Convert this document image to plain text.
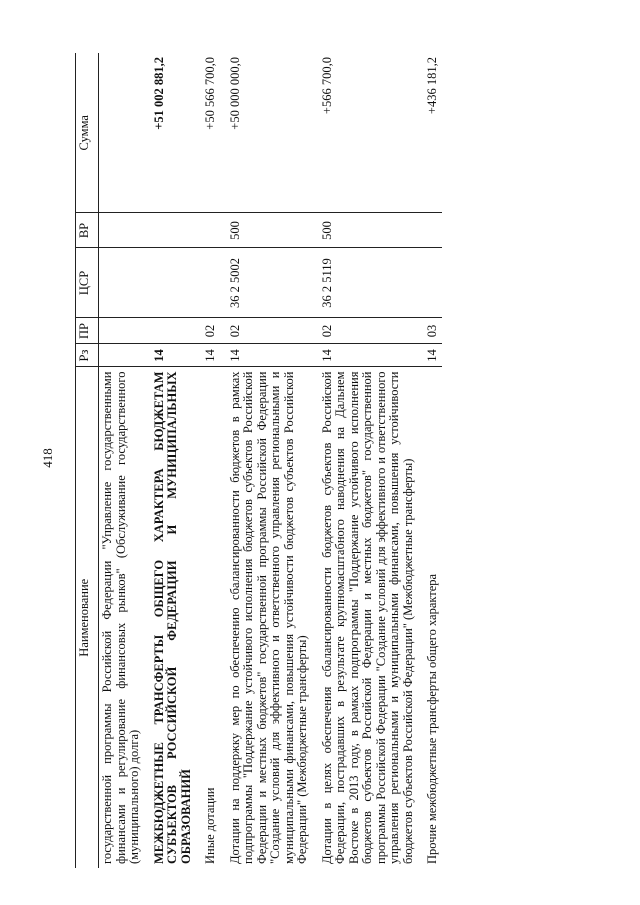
418
Наименование	Рз	ПР	ЦСР	ВР	Сумма
государственной программы Российской Федерации "Управление государственными финансами и регулирование финансовых рынков" (Обслуживание государственного (муниципального) долга)					
МЕЖБЮДЖЕТНЫЕ ТРАНСФЕРТЫ ОБЩЕГО ХАРАКТЕРА БЮДЖЕТАМ СУБЪЕКТОВ РОССИЙСКОЙ ФЕДЕРАЦИИ И МУНИЦИПАЛЬНЫХ ОБРАЗОВАНИЙ	14				+51 002 881,2
Иные дотации	14	02			+50 566 700,0
Дотации на поддержку мер по обеспечению сбалансированности бюджетов в рамках подпрограммы "Поддержание устойчивого исполнения бюджетов субъектов Российской Федерации и местных бюджетов" государственной программы Российской Федерации "Создание условий для эффективного и ответственного управления региональными и муниципальными финансами, повышения устойчивости бюджетов субъектов Российской Федерации" (Межбюджетные трансферты)	14	02	36 2 5002	500	+50 000 000,0
Дотации в целях обеспечения сбалансированности бюджетов субъектов Российской Федерации, пострадавших в результате крупномасштабного наводнения на Дальнем Востоке в 2013 году, в рамках подпрограммы "Поддержание устойчивого исполнения бюджетов субъектов Российской Федерации и местных бюджетов" государственной программы Российской Федерации "Создание условий для эффективного и ответственного управления региональными и муниципальными финансами, повышения устойчивости бюджетов субъектов Российской Федерации" (Межбюджетные трансферты)	14	02	36 2 5119	500	+566 700,0
Прочие межбюджетные трансферты общего характера	14	03			+436 181,2
